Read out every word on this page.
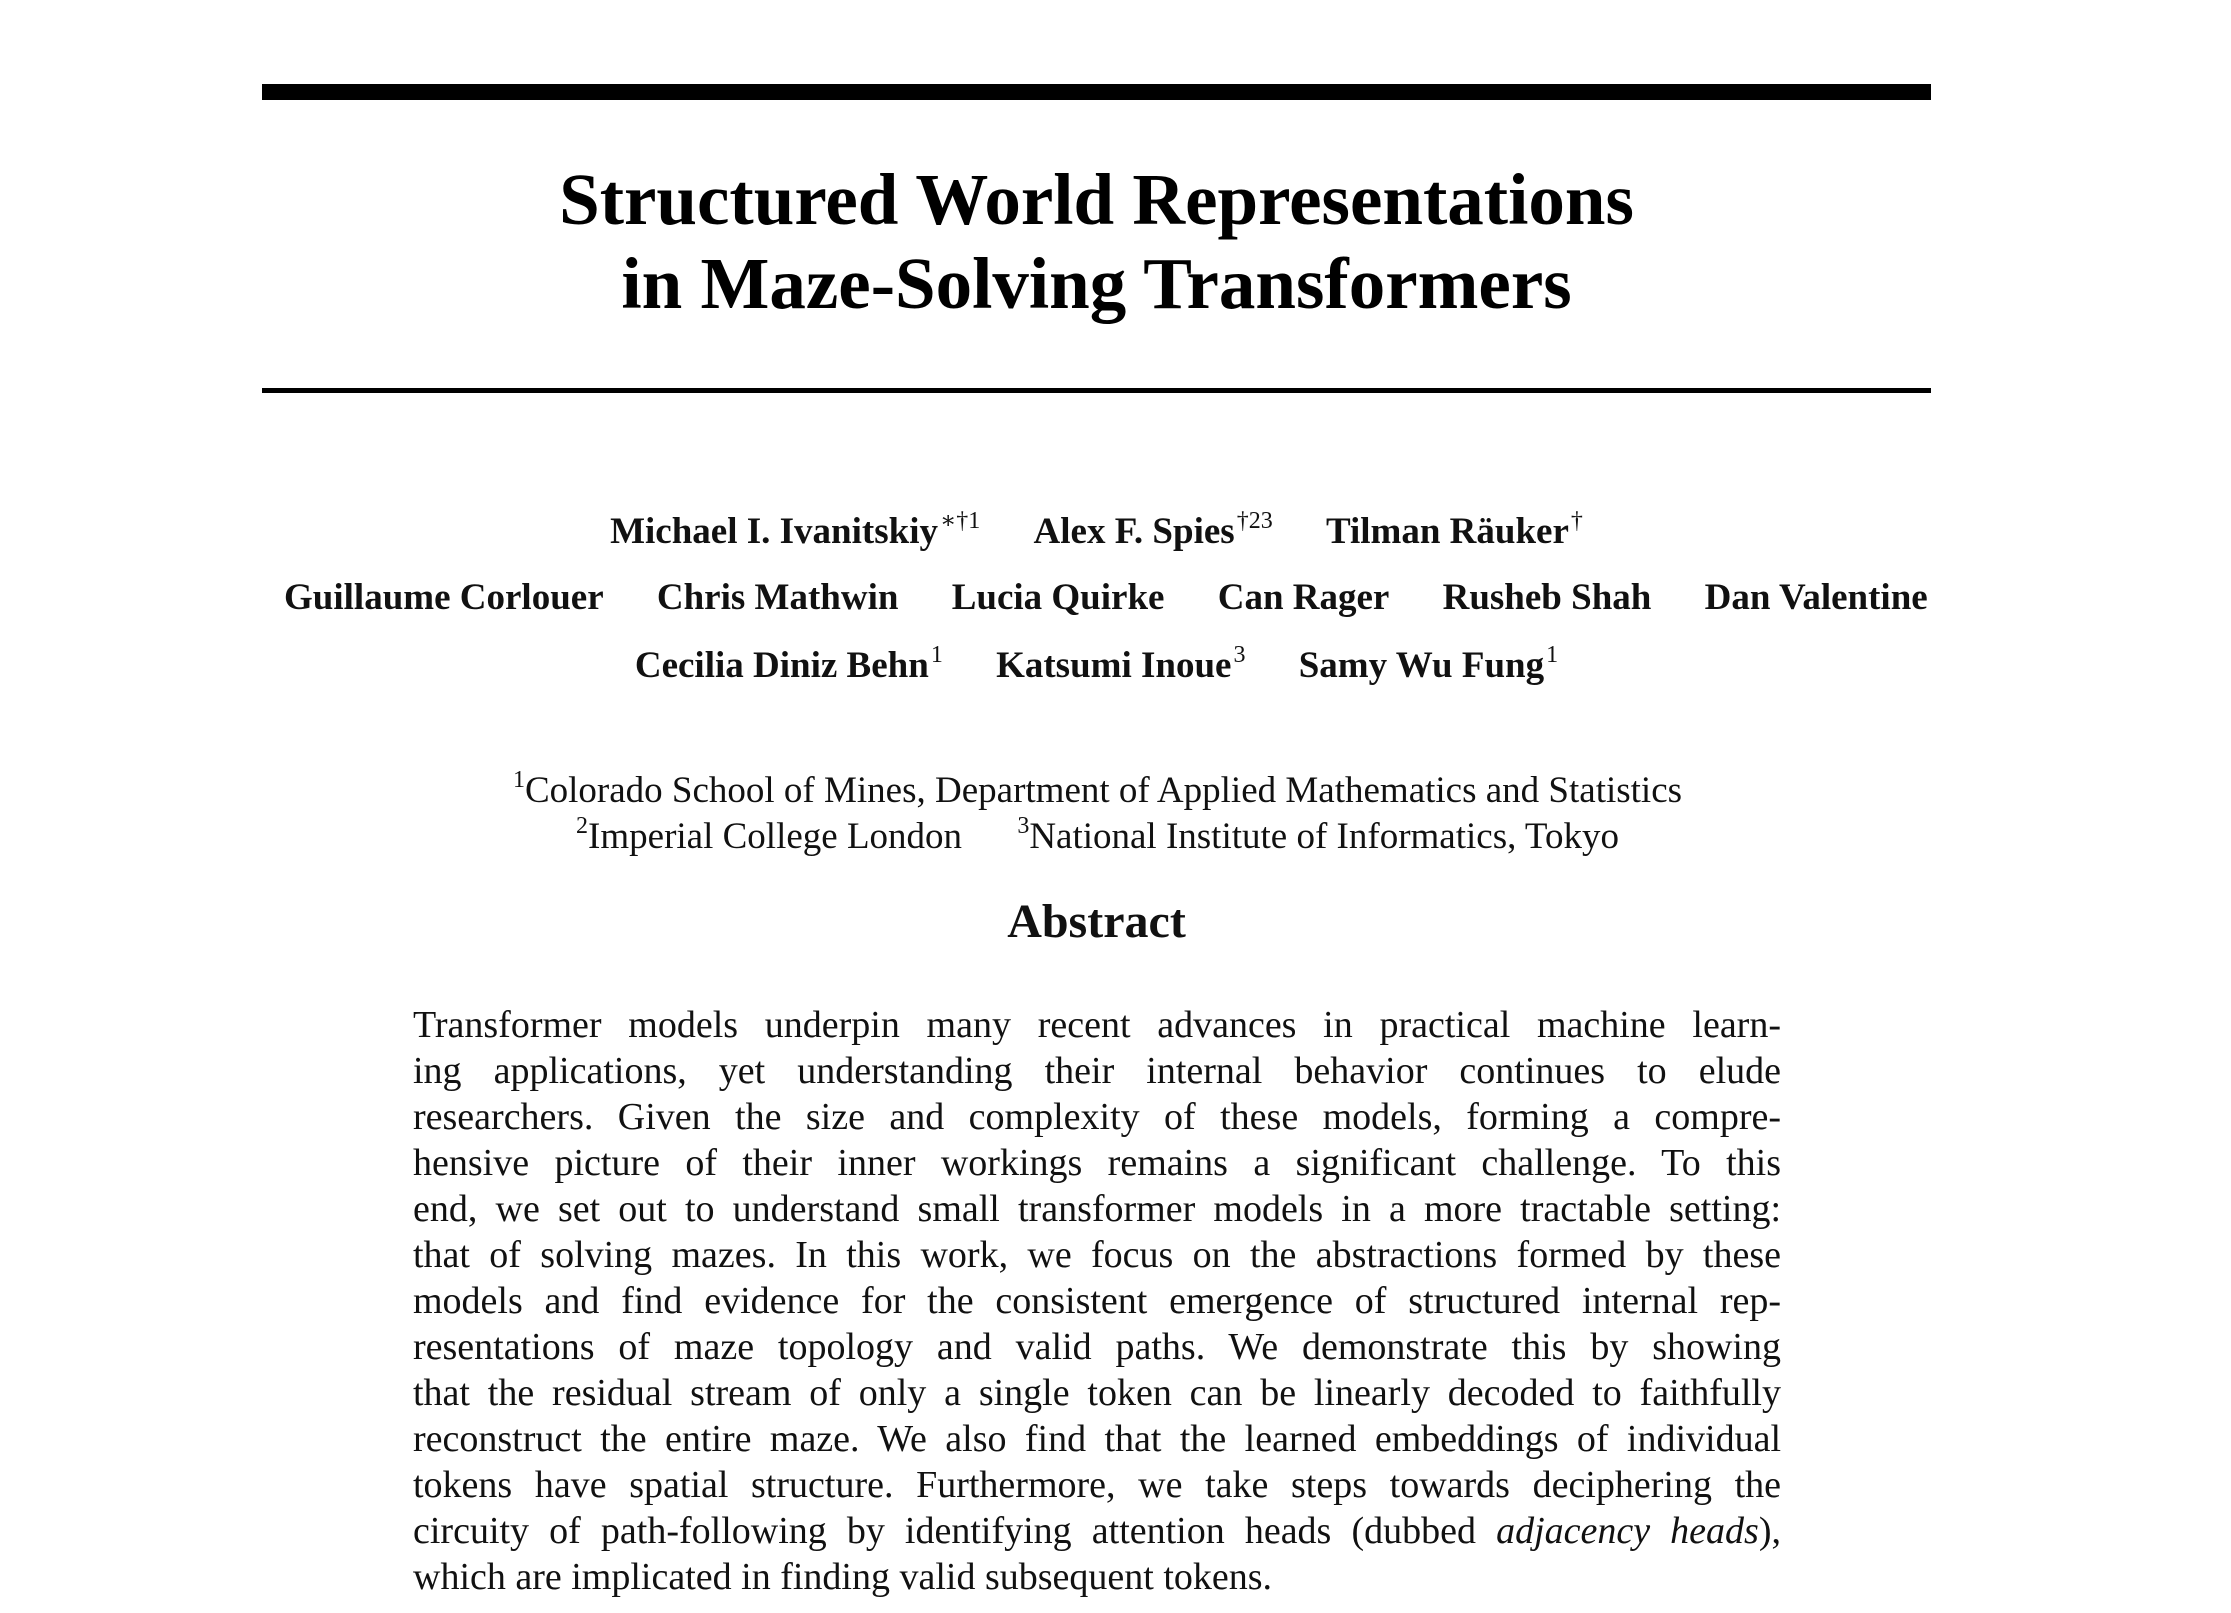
Structured World Representations
in Maze-Solving Transformers
Michael I. Ivanitskiy$^{∗\dagger 1}$ Alex F. Spies$^{\dagger 23}$ Tilman Räuker†
Guillaume Corlouer Chris Mathwin Lucia Quirke Can Rager Rusheb Shah Dan Valentine
Cecilia Diniz Behn$^1$ Katsumi Inoue$^3$ Samy Wu Fung$^1$
$^1$Colorado School of Mines, Department of Applied Mathematics and Statistics
$^2$Imperial College London $^3$National Institute of Informatics, Tokyo
Abstract
Transformer models underpin many recent advances in practical machine learn-
ing applications, yet understanding their internal behavior continues to elude
researchers. Given the size and complexity of these models, forming a compre-
hensive picture of their inner workings remains a significant challenge. To this
end, we set out to understand small transformer models in a more tractable setting:
that of solving mazes. In this work, we focus on the abstractions formed by these
models and find evidence for the consistent emergence of structured internal rep-
resentations of maze topology and valid paths. We demonstrate this by showing
that the residual stream of only a single token can be linearly decoded to faithfully
reconstruct the entire maze. We also find that the learned embeddings of individual
tokens have spatial structure. Furthermore, we take steps towards deciphering the
circuity of path-following by identifying attention heads (dubbed adjacency heads),
which are implicated in finding valid subsequent tokens.
